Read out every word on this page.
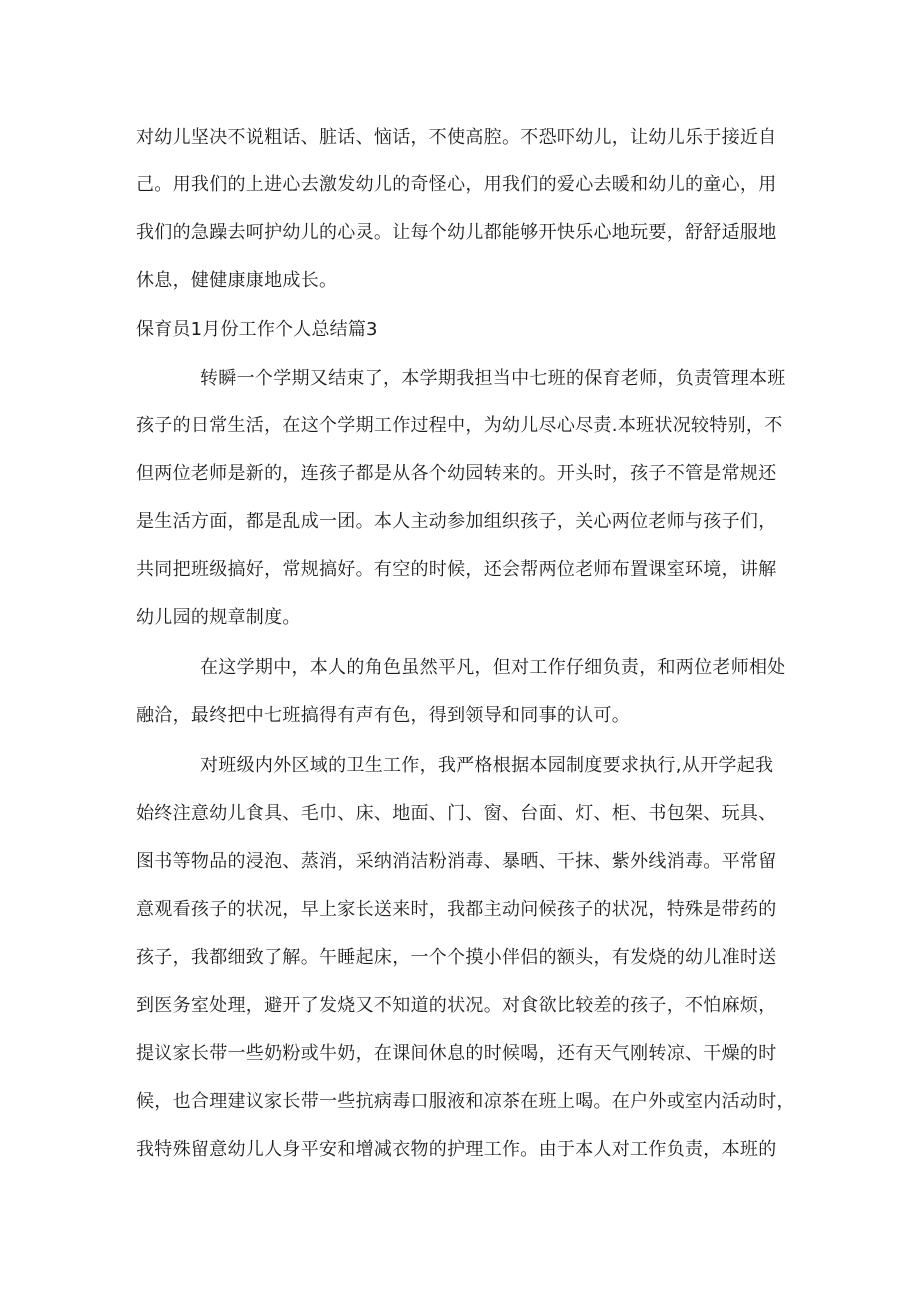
对幼儿坚决不说粗话、脏话、恼话，不使高腔。不恐吓幼儿，让幼儿乐于接近自
己。用我们的上进心去激发幼儿的奇怪心，用我们的爱心去暖和幼儿的童心，用
我们的急躁去呵护幼儿的心灵。让每个幼儿都能够开快乐心地玩要，舒舒适服地
休息，健健康康地成长。
保育员1月份工作个人总结篇3
转瞬一个学期又结束了，本学期我担当中七班的保育老师，负责管理本班
孩子的日常生活，在这个学期工作过程中，为幼儿尽心尽责.本班状况较特别，不
但两位老师是新的，连孩子都是从各个幼园转来的。开头时，孩子不管是常规还
是生活方面，都是乱成一团。本人主动参加组织孩子，关心两位老师与孩子们，
共同把班级搞好，常规搞好。有空的时候，还会帮两位老师布置课室环境，讲解
幼儿园的规章制度。
在这学期中，本人的角色虽然平凡，但对工作仔细负责，和两位老师相处
融洽，最终把中七班搞得有声有色，得到领导和同事的认可。
对班级内外区域的卫生工作，我严格根据本园制度要求执行,从开学起我
始终注意幼儿食具、毛巾、床、地面、门、窗、台面、灯、柜、书包架、玩具、
图书等物品的浸泡、蒸消，采纳消洁粉消毒、暴晒、干抹、紫外线消毒。平常留
意观看孩子的状况，早上家长送来时，我都主动问候孩子的状况，特殊是带药的
孩子，我都细致了解。午睡起床，一个个摸小伴侣的额头，有发烧的幼儿准时送
到医务室处理，避开了发烧又不知道的状况。对食欲比较差的孩子，不怕麻烦，
提议家长带一些奶粉或牛奶，在课间休息的时候喝，还有天气刚转凉、干燥的时
候，也合理建议家长带一些抗病毒口服液和凉茶在班上喝。在户外或室内活动时，
我特殊留意幼儿人身平安和增减衣物的护理工作。由于本人对工作负责，本班的
